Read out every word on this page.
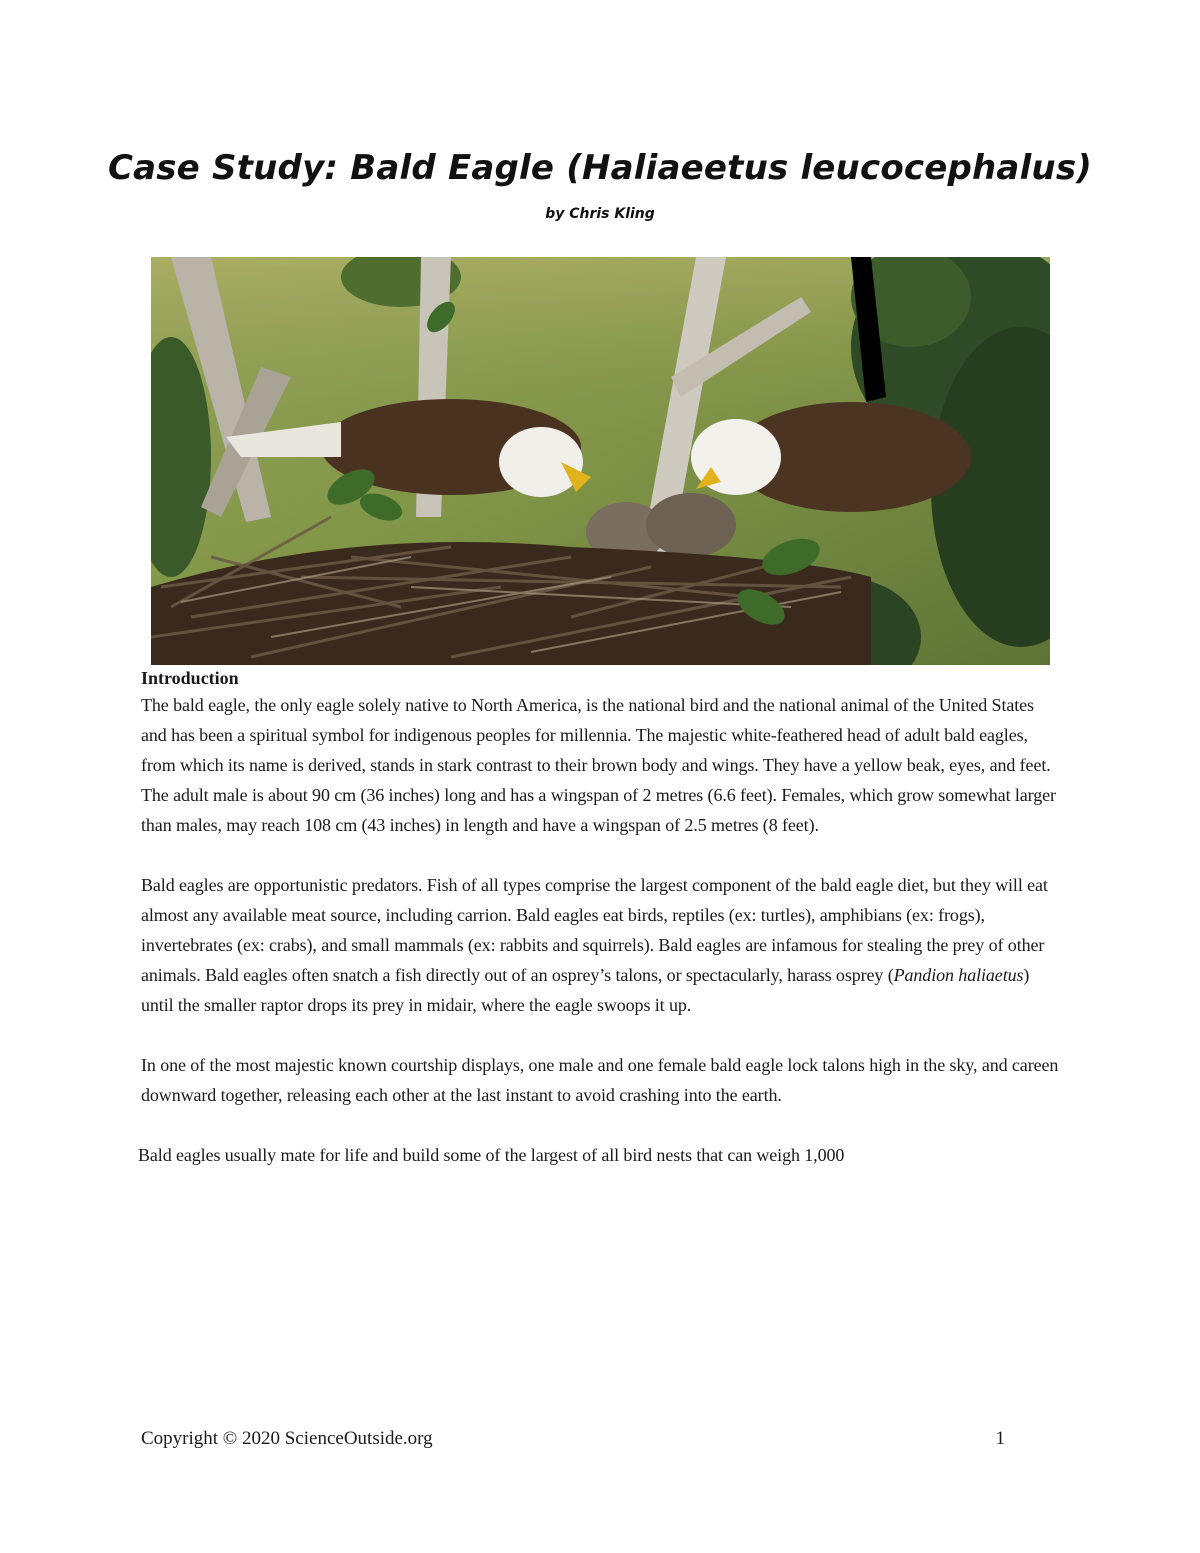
Case Study: Bald Eagle (Haliaeetus leucocephalus)
by Chris Kling

Introduction

The bald eagle, the only eagle solely native to North America, is the national bird and the national animal of the United States and has been a spiritual symbol for indigenous peoples for millennia. The majestic white-feathered head of adult bald eagles, from which its name is derived, stands in stark contrast to their brown body and wings. They have a yellow beak, eyes, and feet. The adult male is about 90 cm (36 inches) long and has a wingspan of 2 metres (6.6 feet). Females, which grow somewhat larger than males, may reach 108 cm (43 inches) in length and have a wingspan of 2.5 metres (8 feet).

Bald eagles are opportunistic predators. Fish of all types comprise the largest component of the bald eagle diet, but they will eat almost any available meat source, including carrion. Bald eagles eat birds, reptiles (ex: turtles), amphibians (ex: frogs), invertebrates (ex: crabs), and small mammals (ex: rabbits and squirrels). Bald eagles are infamous for stealing the prey of other animals. Bald eagles often snatch a fish directly out of an osprey’s talons, or spectacularly, harass osprey (Pandion haliaetus) until the smaller raptor drops its prey in midair, where the eagle swoops it up.

In one of the most majestic known courtship displays, one male and one female bald eagle lock talons high in the sky, and careen downward together, releasing each other at the last instant to avoid crashing into the earth.

Bald eagles usually mate for life and build some of the largest of all bird nests that can weigh 1,000

Copyright © 2020 ScienceOutside.org	1
